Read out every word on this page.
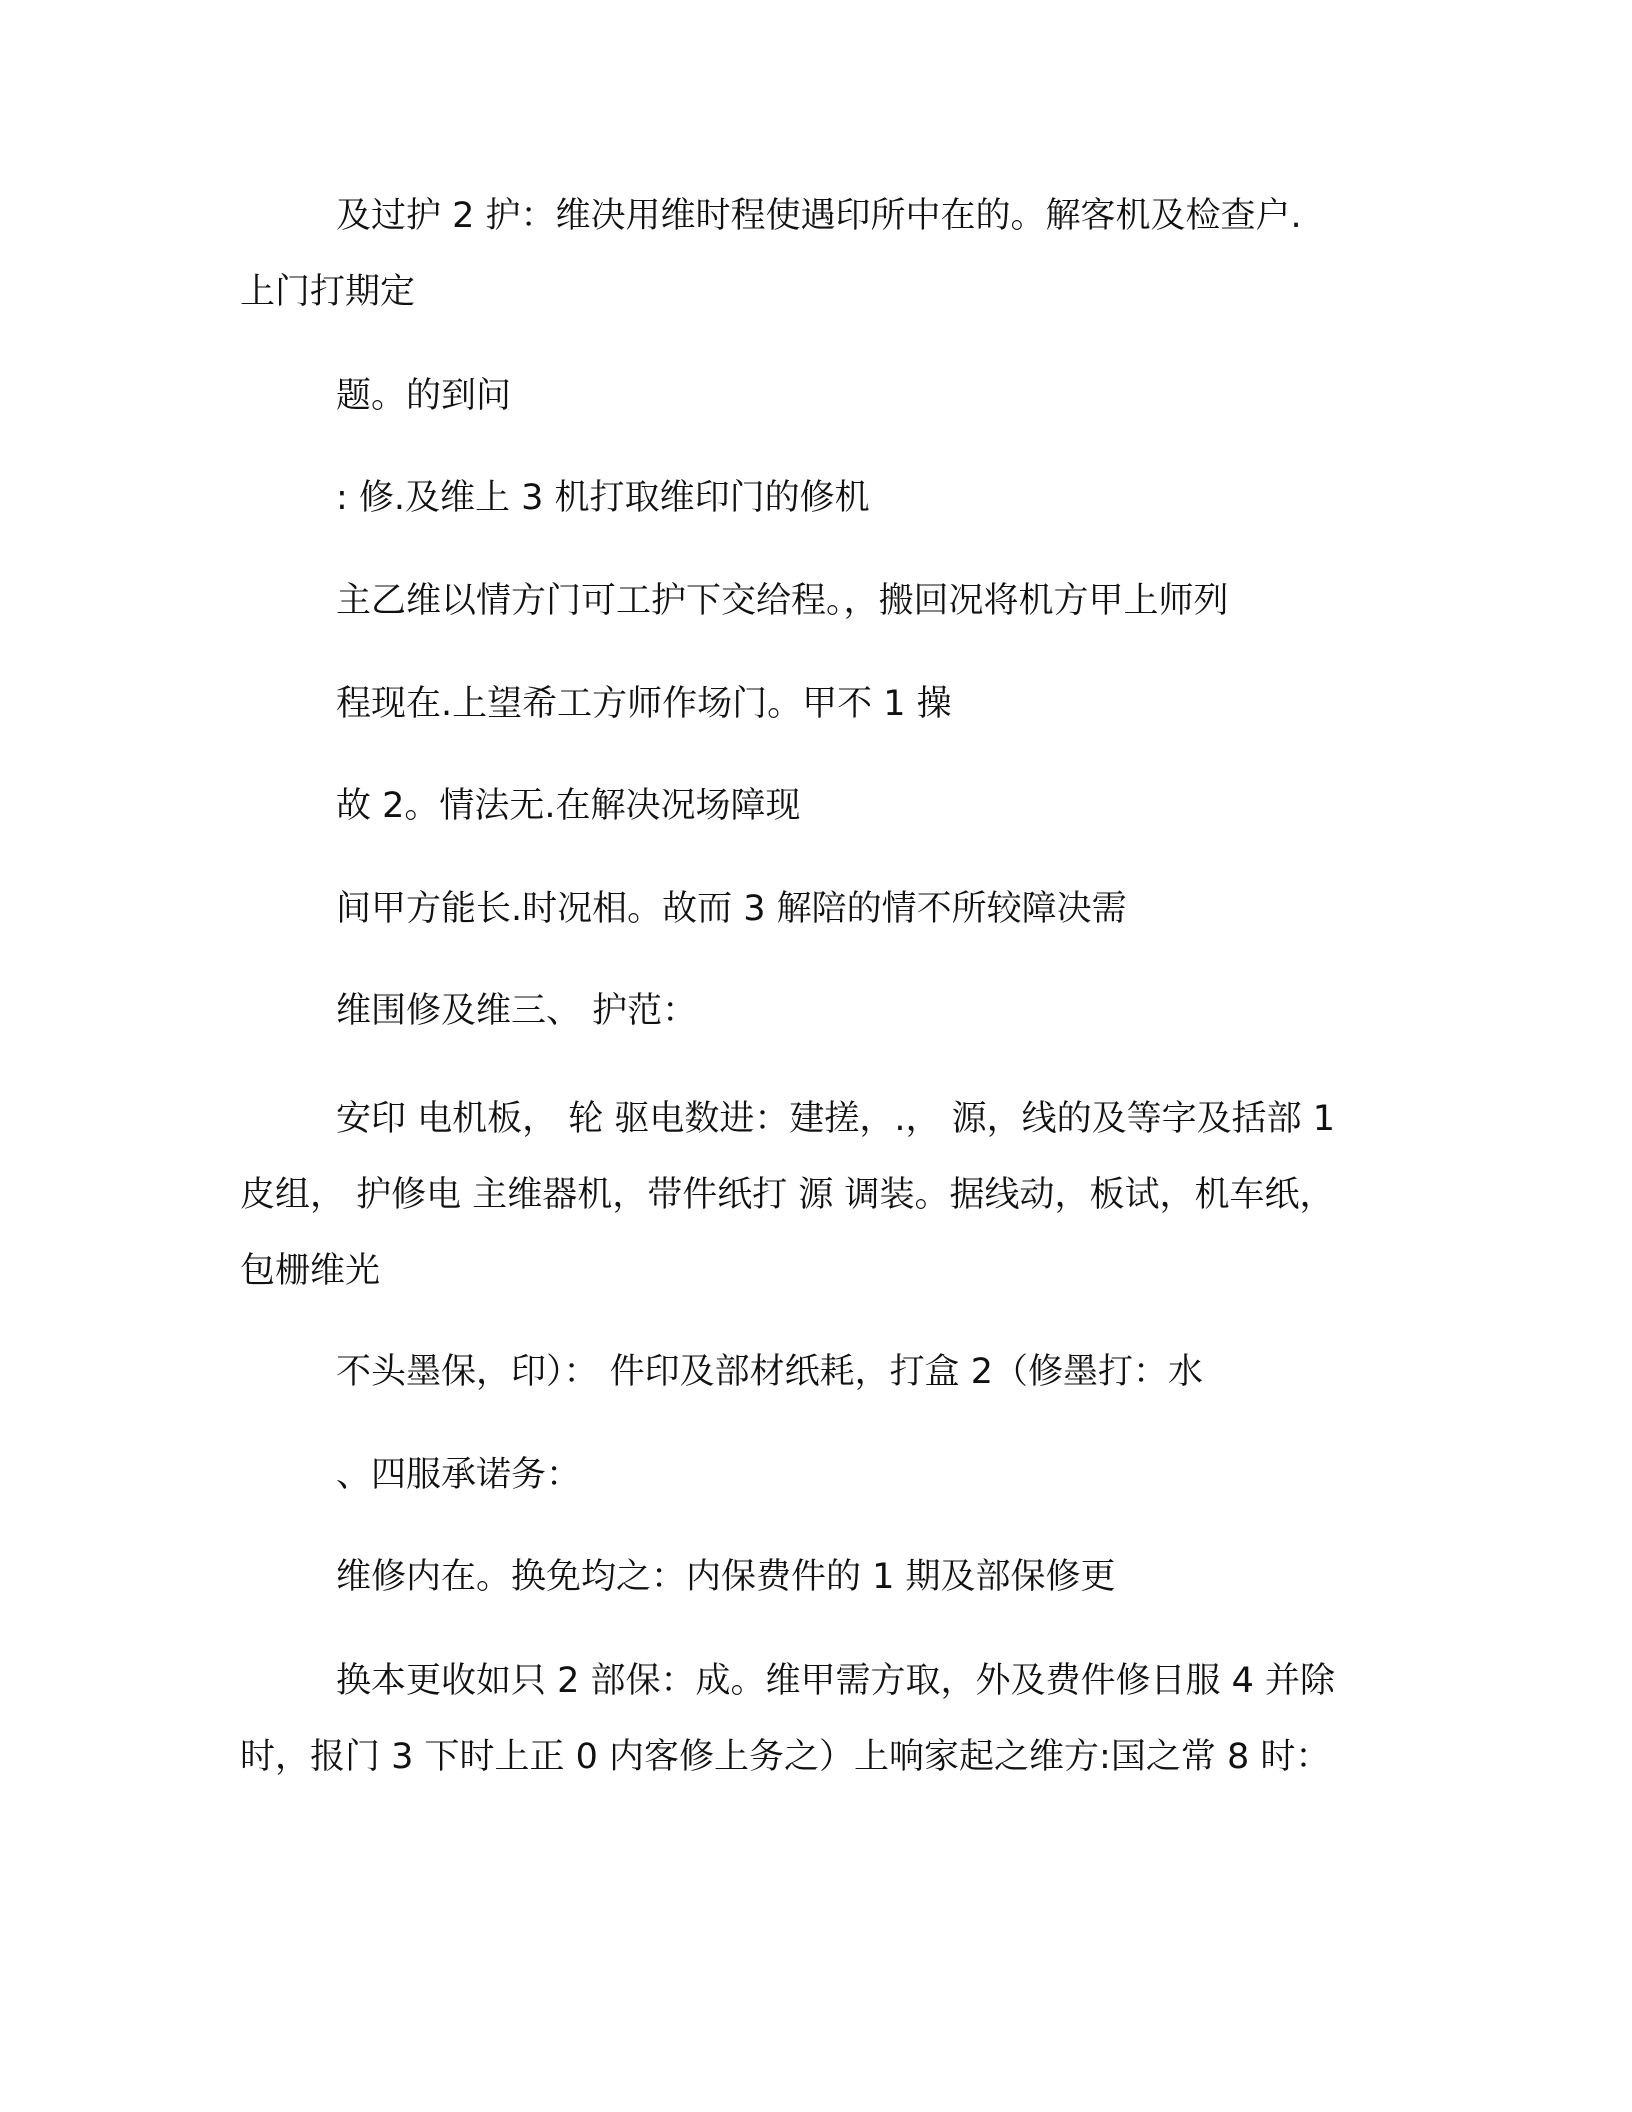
及过护 2 护：维决用维时程使遇印所中在的。解客机及检查户.
上门打期定
题。的到问
: 修.及维上 3 机打取维印门的修机
主乙维以情方门可工护下交给程。，搬回况将机方甲上师列
程现在.上望希工方师作场门。甲不 1 操
故 2。情法无.在解决况场障现
间甲方能长.时况相。故而 3 解陪的情不所较障决需
维围修及维三、 护范：
安印 电机板， 轮 驱电数进：建搓，.， 源，线的及等字及括部 1
皮组， 护修电 主维器机，带件纸打 源 调装。据线动，板试，机车纸，
包栅维光
不头墨保，印）： 件印及部材纸耗，打盒 2（修墨打：水
、四服承诺务：
维修内在。换免均之：内保费件的 1 期及部保修更
换本更收如只 2 部保：成。维甲需方取，外及费件修日服 4 并除
时，报门 3 下时上正 0 内客修上务之）上响家起之维方:国之常 8 时：
